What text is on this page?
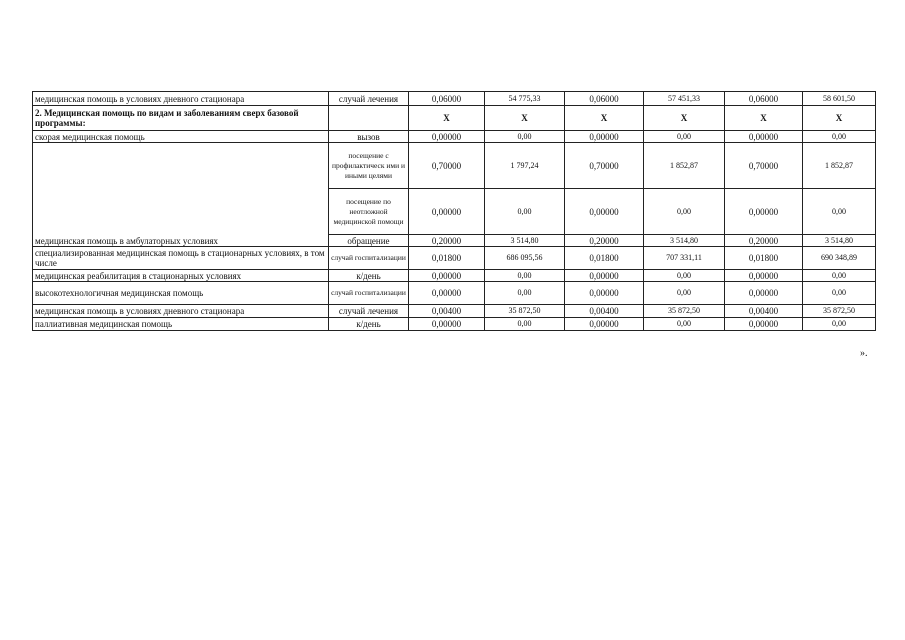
медицинская помощь в условиях дневного стационара	случай лечения	0,06000	54 775,33	0,06000	57 451,33	0,06000	58 601,50
2. Медицинская помощь по видам и заболеваниям сверх базовой программы:		X	X	X	X	X	X
скорая медицинская помощь	вызов	0,00000	0,00	0,00000	0,00	0,00000	0,00
медицинская помощь в амбулаторных условиях	посещение с профилактическ ими и иными целями	0,70000	1 797,24	0,70000	1 852,87	0,70000	1 852,87
	посещение по неотложной медицинской помощи	0,00000	0,00	0,00000	0,00	0,00000	0,00
	обращение	0,20000	3 514,80	0,20000	3 514,80	0,20000	3 514,80
специализированная медицинская помощь в стационарных условиях, в том числе	случай госпитализации	0,01800	686 095,56	0,01800	707 331,11	0,01800	690 348,89
медицинская реабилитация в стационарных условиях	к/день	0,00000	0,00	0,00000	0,00	0,00000	0,00
высокотехнологичная медицинская помощь	случай госпитализации	0,00000	0,00	0,00000	0,00	0,00000	0,00
медицинская помощь в условиях дневного стационара	случай лечения	0,00400	35 872,50	0,00400	35 872,50	0,00400	35 872,50
паллиативная медицинская помощь	к/день	0,00000	0,00	0,00000	0,00	0,00000	0,00
».
